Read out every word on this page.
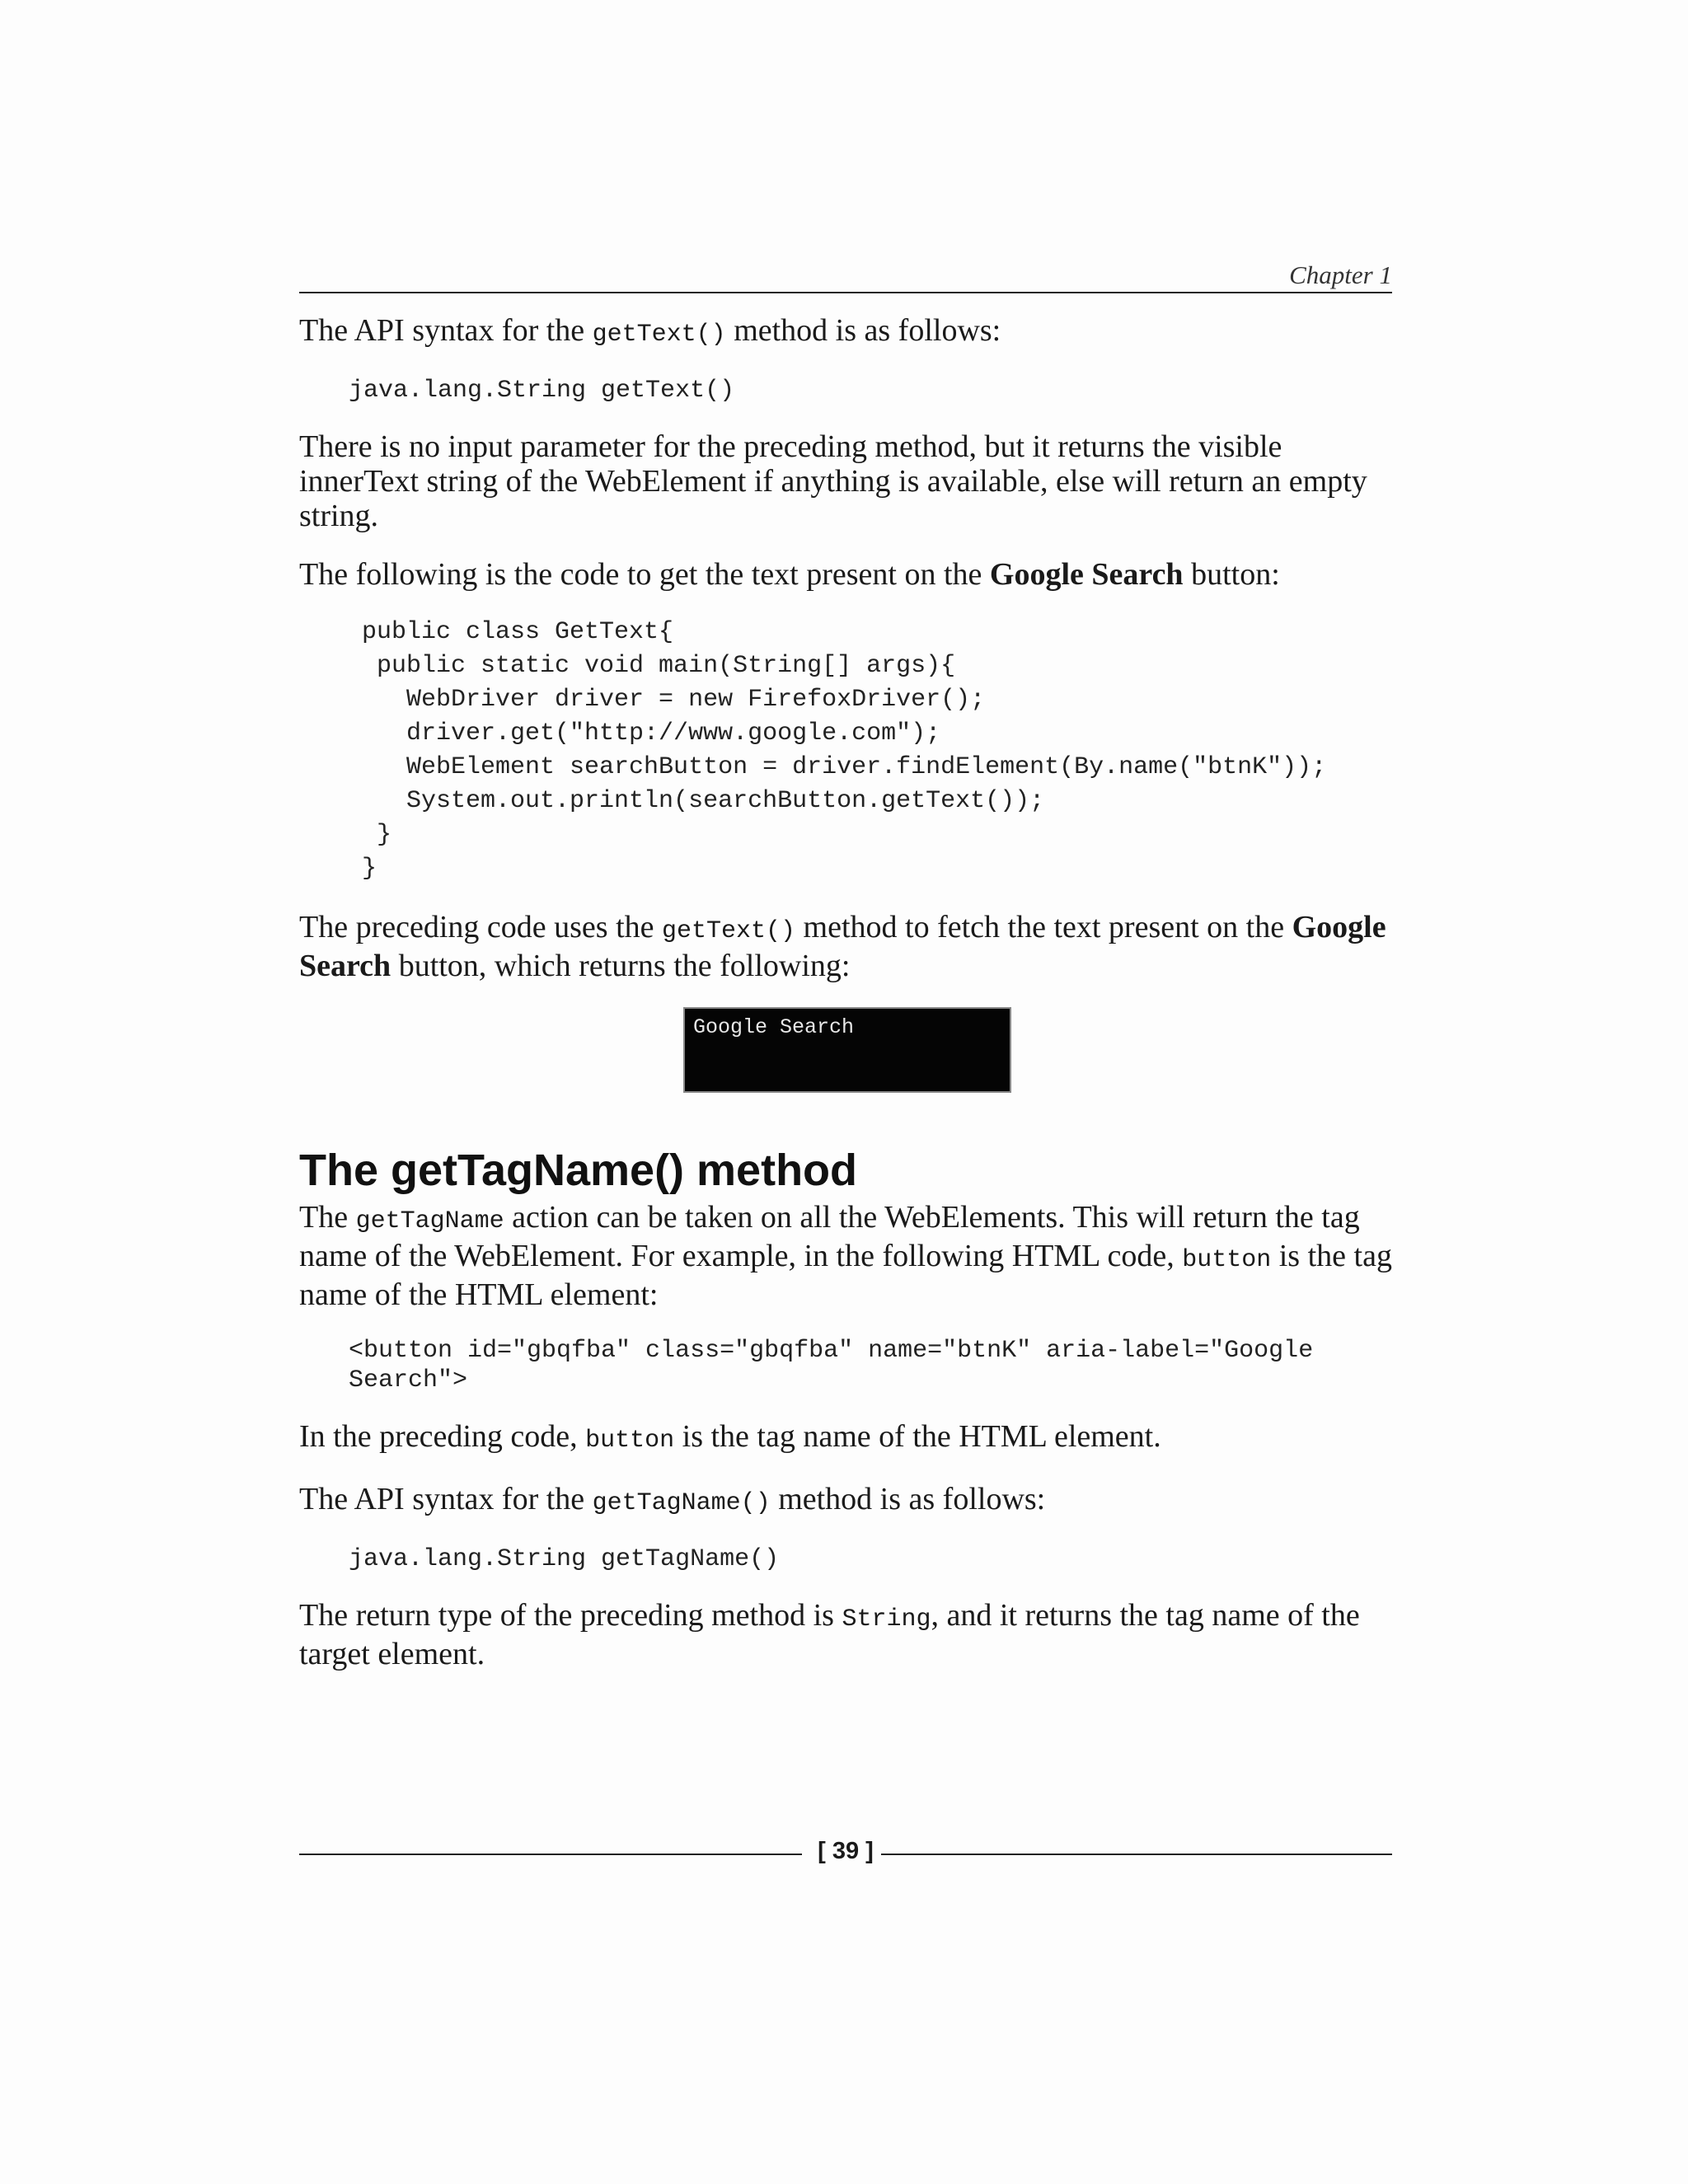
Chapter 1

The API syntax for the getText() method is as follows:

java.lang.String getText()

There is no input parameter for the preceding method, but it returns the visible innerText string of the WebElement if anything is available, else will return an empty string.

The following is the code to get the text present on the Google Search button:

public class GetText{
public static void main(String[] args){
WebDriver driver = new FirefoxDriver();
driver.get("http://www.google.com");
WebElement searchButton = driver.findElement(By.name("btnK"));
System.out.println(searchButton.getText());
}
}

The preceding code uses the getText() method to fetch the text present on the Google Search button, which returns the following:

Google Search
The getTagName() method

The getTagName action can be taken on all the WebElements. This will return the tag name of the WebElement. For example, in the following HTML code, button is the tag name of the HTML element:

<button id="gbqfba" class="gbqfba" name="btnK" aria-label="Google
Search">

In the preceding code, button is the tag name of the HTML element.

The API syntax for the getTagName() method is as follows:

java.lang.String getTagName()

The return type of the preceding method is String, and it returns the tag name of the target element.

[ 39 ]
